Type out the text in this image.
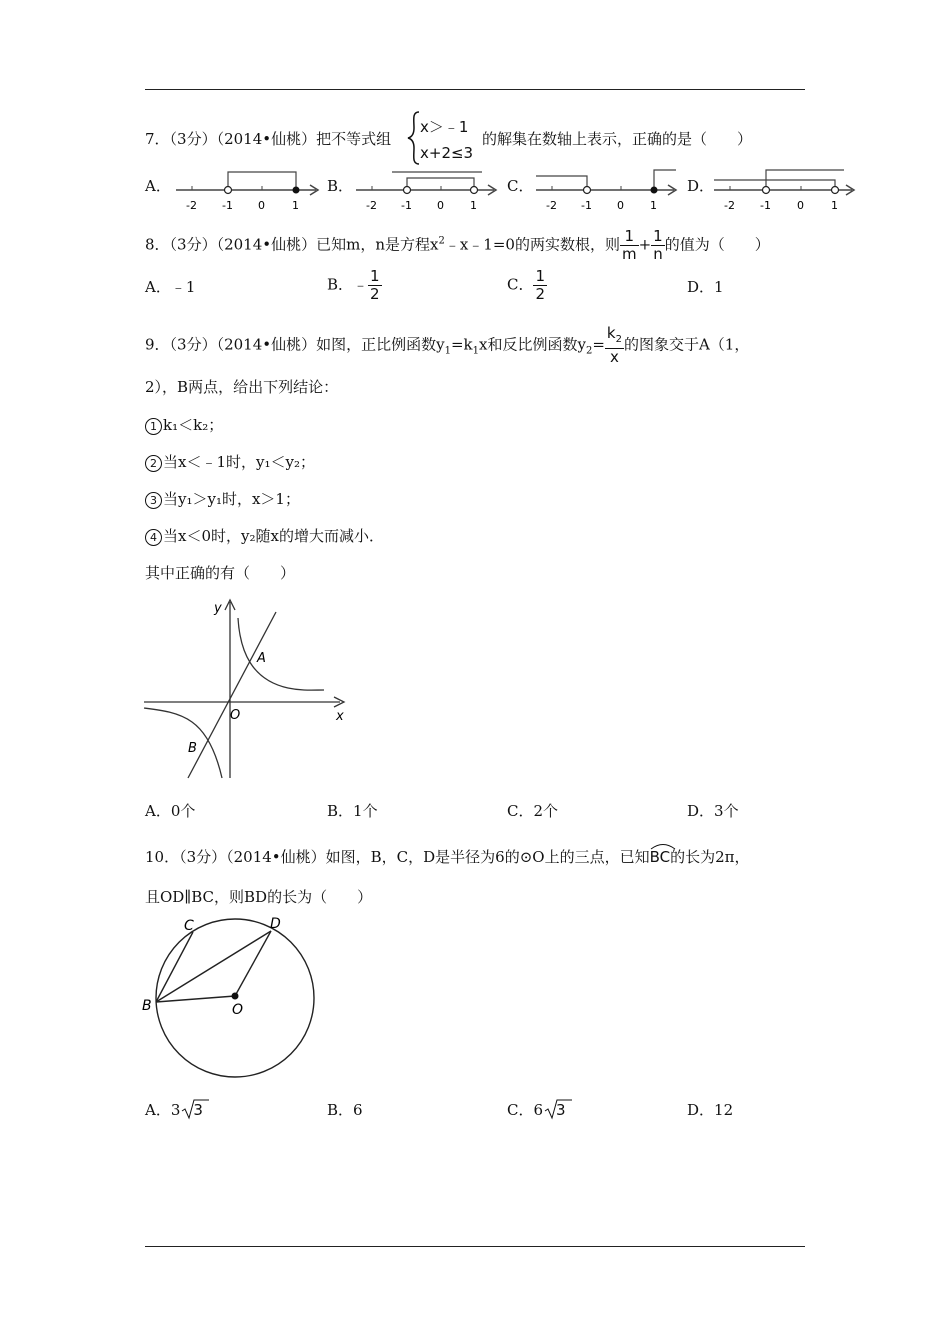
7．（3分）（2014•仙桃）把不等式组
x＞﹣1
x+2≤3
的解集在数轴上表示，正确的是（　　）
A．
-2 -1 0 1
B．
-2 -1 0 1
C．
-2 -1 0 1
D．
-2 -1 0 1
8．（3分）（2014•仙桃）已知m，n是方程$x^2﹣x﹣1=0$的两实数根，则 $\frac{1}{m} + \frac{1}{n}$ 的值为（　　）
A．﹣1	B．﹣ $\frac{1}{2}$	C． $\frac{1}{2}$	D．1
9．（3分）（2014•仙桃）如图，正比例函数$y_1=k_1x$和反比例函数$y_2= \frac{k_2}{x}$ 的图象交于A（1，
2），B两点，给出下列结论：
1 k₁＜k₂；
2 当x＜﹣1时，y₁＜y₂；
3 当y₁＞y₁时，x＞1；
4 当x＜0时，y₂随x的增大而减小．
其中正确的有（　　）
y
x
A
O
B
A．0个	B．1个	C．2个	D．3个
10．（3分）（2014•仙桃）如图，B，C，D是半径为6的⊙O上的三点，已知
BC的长为2π，
且OD∥BC，则BD的长为（　　）
C	D
B	O
A．3 3	B．6	C．6 3	D．12
